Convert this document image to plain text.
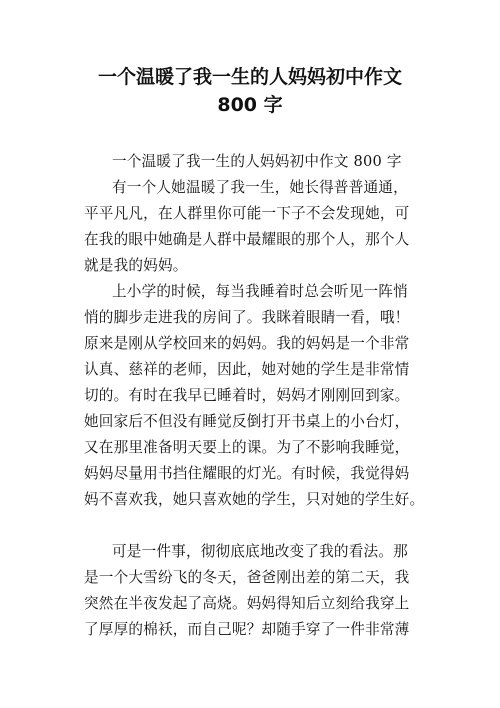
一个温暖了我一生的人妈妈初中作文
800 字
一个温暖了我一生的人妈妈初中作文 800 字
有一个人她温暖了我一生，她长得普普通通，
平平凡凡，在人群里你可能一下子不会发现她，可
在我的眼中她确是人群中最耀眼的那个人，那个人
就是我的妈妈。
上小学的时候，每当我睡着时总会听见一阵悄
悄的脚步走进我的房间了。我眯着眼睛一看，哦！
原来是刚从学校回来的妈妈。我的妈妈是一个非常
认真、慈祥的老师，因此，她对她的学生是非常情
切的。有时在我早已睡着时，妈妈才刚刚回到家。
她回家后不但没有睡觉反倒打开书桌上的小台灯，
又在那里准备明天要上的课。为了不影响我睡觉，
妈妈尽量用书挡住耀眼的灯光。有时候，我觉得妈
妈不喜欢我，她只喜欢她的学生，只对她的学生好。
可是一件事，彻彻底底地改变了我的看法。那
是一个大雪纷飞的冬天，爸爸刚出差的第二天，我
突然在半夜发起了高烧。妈妈得知后立刻给我穿上
了厚厚的棉袄，而自己呢？却随手穿了一件非常薄
